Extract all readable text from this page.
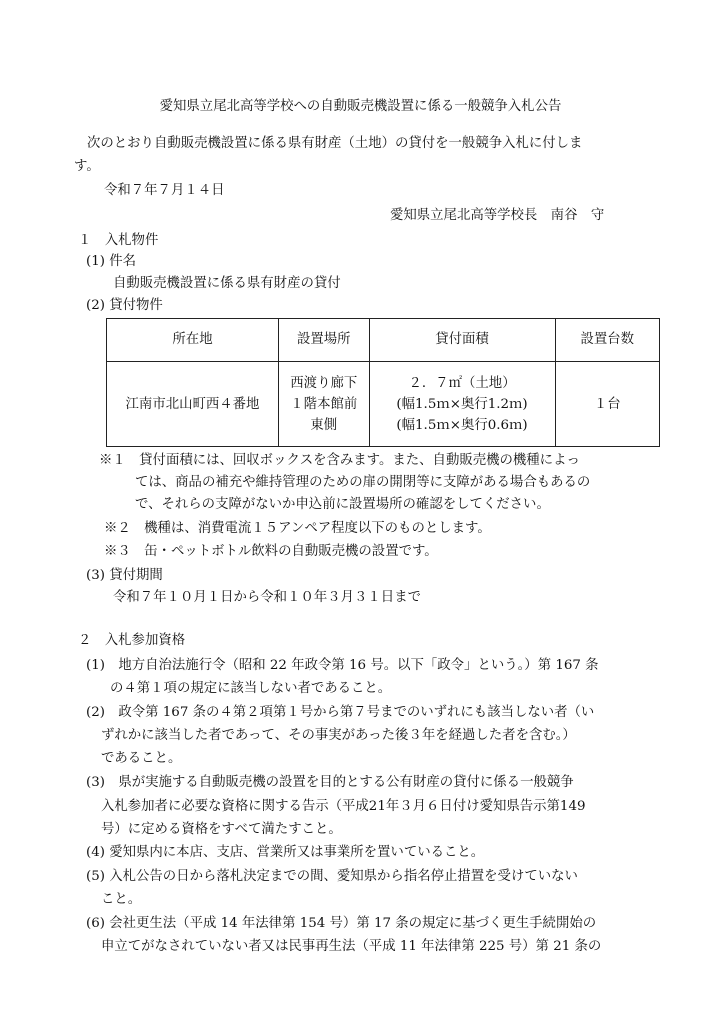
愛知県立尾北高等学校への自動販売機設置に係る一般競争入札公告
次のとおり自動販売機設置に係る県有財産（土地）の貸付を一般競争入札に付しま
す。
令和７年７月１４日
愛知県立尾北高等学校長　南谷　守
１　入札物件
(1) 件名
自動販売機設置に係る県有財産の貸付
(2) 貸付物件
所在地	設置場所	貸付面積	設置台数
江南市北山町西４番地	西渡り廊下
１階本館前
東側	２．７㎡（土地）
(幅1.5ｍ×奥行1.2ｍ)
(幅1.5ｍ×奥行0.6ｍ)	１台
※１　貸付面積には、回収ボックスを含みます。また、自動販売機の機種によっ
ては、商品の補充や維持管理のための扉の開閉等に支障がある場合もあるの
で、それらの支障がないか申込前に設置場所の確認をしてください。
※２　機種は、消費電流１５アンペア程度以下のものとします。
※３　缶・ペットボトル飲料の自動販売機の設置です。
(3) 貸付期間
令和７年１０月１日から令和１０年３月３１日まで
２　入札参加資格
(1)　地方自治法施行令（昭和 22 年政令第 16 号。以下「政令」という。）第 167 条
の４第１項の規定に該当しない者であること。
(2)　政令第 167 条の４第２項第１号から第７号までのいずれにも該当しない者（い
ずれかに該当した者であって、その事実があった後３年を経過した者を含む。）
であること。
(3)　県が実施する自動販売機の設置を目的とする公有財産の貸付に係る一般競争
入札参加者に必要な資格に関する告示（平成21年３月６日付け愛知県告示第149
号）に定める資格をすべて満たすこと。
(4) 愛知県内に本店、支店、営業所又は事業所を置いていること。
(5) 入札公告の日から落札決定までの間、愛知県から指名停止措置を受けていない
こと。
(6) 会社更生法（平成 14 年法律第 154 号）第 17 条の規定に基づく更生手続開始の
申立てがなされていない者又は民事再生法（平成 11 年法律第 225 号）第 21 条の
